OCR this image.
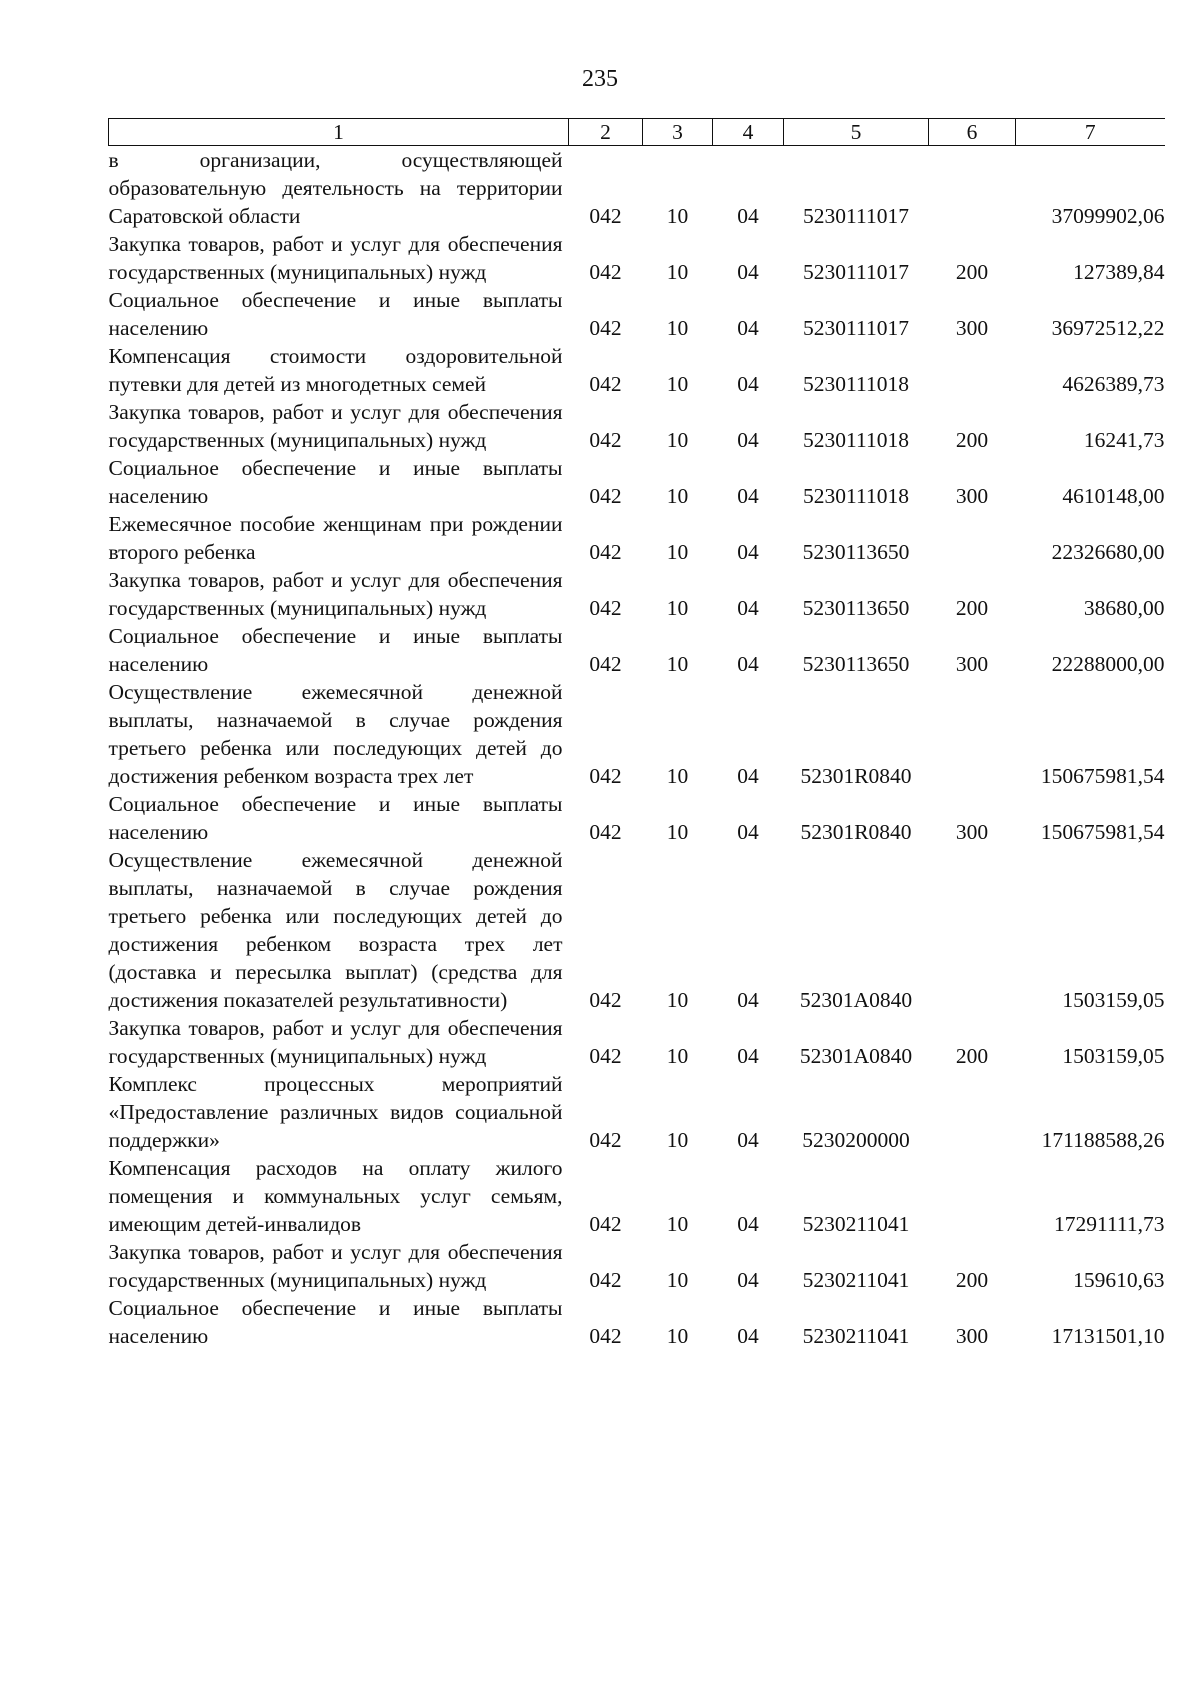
235
1	2	3	4	5	6	7
в организации, осуществляющей образовательную деятельность на территории Саратовской области	042	10	04	5230111017		37099902,06
Закупка товаров, работ и услуг для обеспечения государственных (муниципальных) нужд	042	10	04	5230111017	200	127389,84
Социальное обеспечение и иные выплаты населению	042	10	04	5230111017	300	36972512,22
Компенсация стоимости оздоровительной путевки для детей из многодетных семей	042	10	04	5230111018		4626389,73
Закупка товаров, работ и услуг для обеспечения государственных (муниципальных) нужд	042	10	04	5230111018	200	16241,73
Социальное обеспечение и иные выплаты населению	042	10	04	5230111018	300	4610148,00
Ежемесячное пособие женщинам при рождении второго ребенка	042	10	04	5230113650		22326680,00
Закупка товаров, работ и услуг для обеспечения государственных (муниципальных) нужд	042	10	04	5230113650	200	38680,00
Социальное обеспечение и иные выплаты населению	042	10	04	5230113650	300	22288000,00
Осуществление ежемесячной денежной выплаты, назначаемой в случае рождения третьего ребенка или последующих детей до достижения ребенком возраста трех лет	042	10	04	52301R0840		150675981,54
Социальное обеспечение и иные выплаты населению	042	10	04	52301R0840	300	150675981,54
Осуществление ежемесячной денежной выплаты, назначаемой в случае рождения третьего ребенка или последующих детей до достижения ребенком возраста трех лет (доставка и пересылка выплат) (средства для достижения показателей результативности)	042	10	04	52301A0840		1503159,05
Закупка товаров, работ и услуг для обеспечения государственных (муниципальных) нужд	042	10	04	52301A0840	200	1503159,05
Комплекс процессных мероприятий «Предоставление различных видов социальной поддержки»	042	10	04	5230200000		171188588,26
Компенсация расходов на оплату жилого помещения и коммунальных услуг семьям, имеющим детей-инвалидов	042	10	04	5230211041		17291111,73
Закупка товаров, работ и услуг для обеспечения государственных (муниципальных) нужд	042	10	04	5230211041	200	159610,63
Социальное обеспечение и иные выплаты населению	042	10	04	5230211041	300	17131501,10
